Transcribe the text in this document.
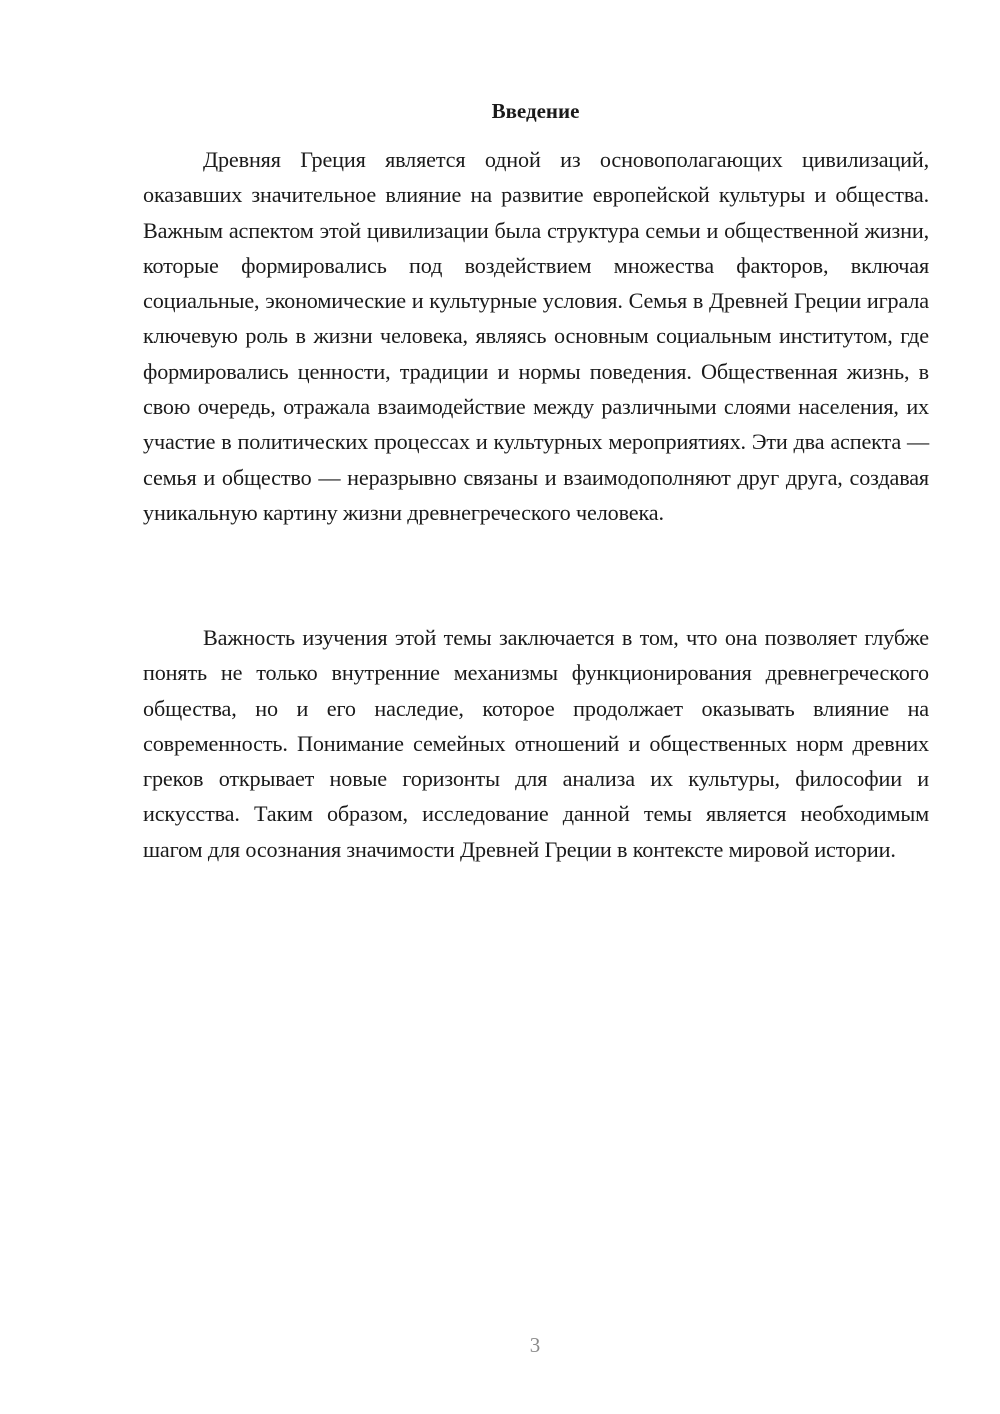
Введение

Древняя Греция является одной из основополагающих цивилизаций, оказавших значительное влияние на развитие европейской культуры и общества. Важным аспектом этой цивилизации была структура семьи и общественной жизни, которые формировались под воздействием множества факторов, включая социальные, экономические и культурные условия. Семья в Древней Греции играла ключевую роль в жизни человека, являясь основным социальным институтом, где формировались ценности, традиции и нормы поведения. Общественная жизнь, в свою очередь, отражала взаимодействие между различными слоями населения, их участие в политических процессах и культурных мероприятиях. Эти два аспекта — семья и общество — неразрывно связаны и взаимодополняют друг друга, создавая уникальную картину жизни древнегреческого человека.

Важность изучения этой темы заключается в том, что она позволяет глубже понять не только внутренние механизмы функционирования древнегреческого общества, но и его наследие, которое продолжает оказывать влияние на современность. Понимание семейных отношений и общественных норм древних греков открывает новые горизонты для анализа их культуры, философии и искусства. Таким образом, исследование данной темы является необходимым шагом для осознания значимости Древней Греции в контексте мировой истории.

3
